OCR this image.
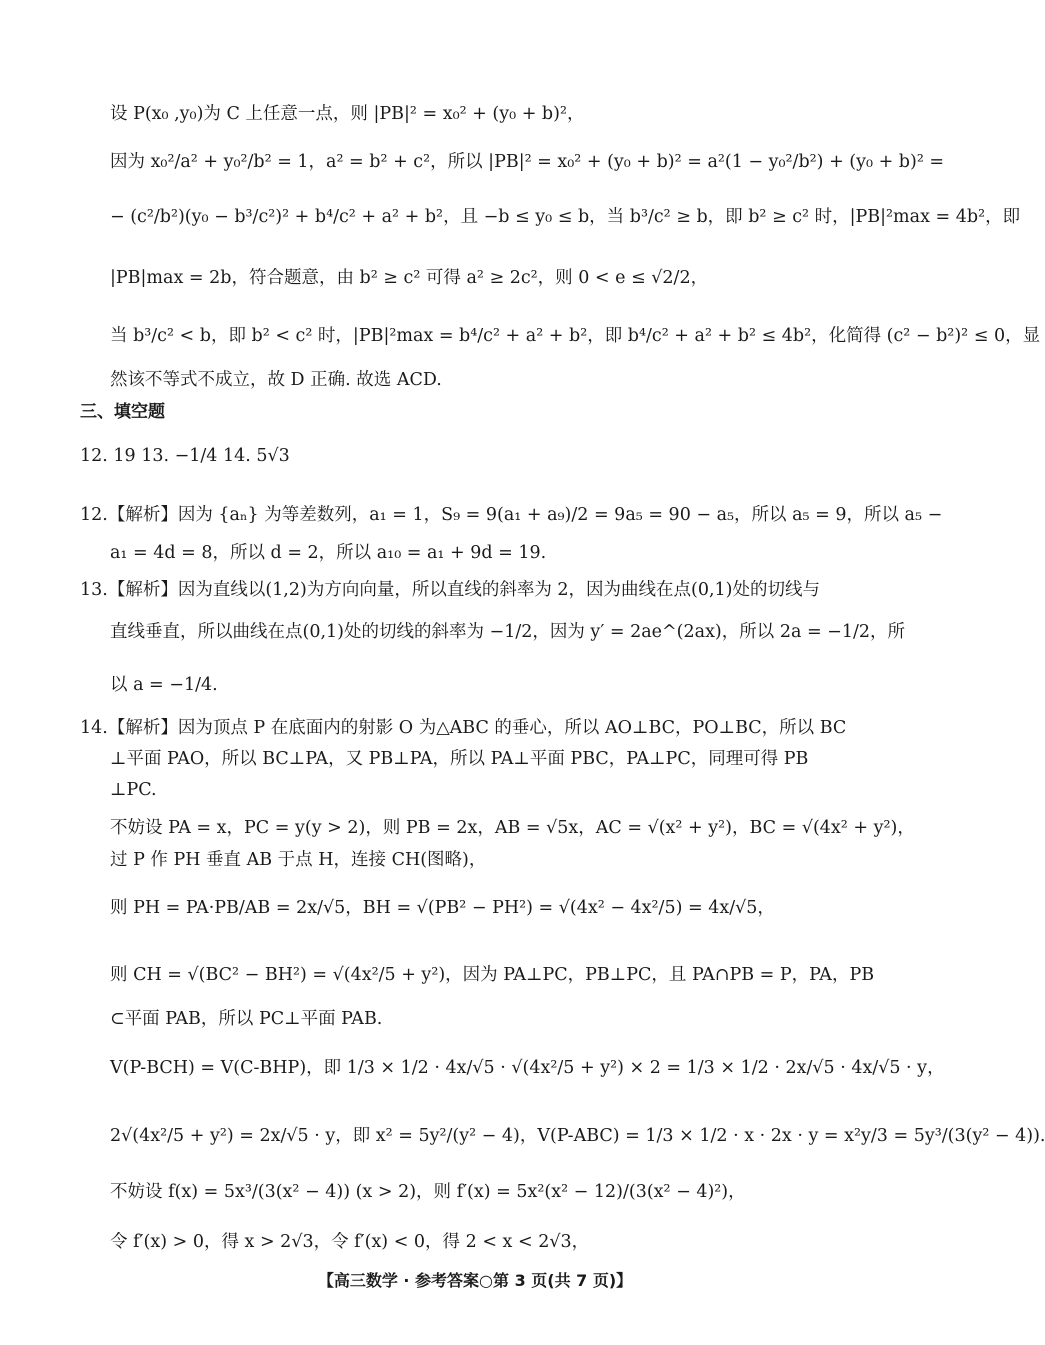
设 P(x₀ ,y₀)为 C 上任意一点，则 |PB|² = x₀² + (y₀ + b)²，
因为 x₀²/a² + y₀²/b² = 1，a² = b² + c²，所以 |PB|² = x₀² + (y₀ + b)² = a²(1 − y₀²/b²) + (y₀ + b)² =
− (c²/b²)(y₀ − b³/c²)² + b⁴/c² + a² + b²，且 −b ≤ y₀ ≤ b，当 b³/c² ≥ b，即 b² ≥ c² 时，|PB|²max = 4b²，即
|PB|max = 2b，符合题意，由 b² ≥ c² 可得 a² ≥ 2c²，则 0 < e ≤ √2/2，
当 b³/c² < b，即 b² < c² 时，|PB|²max = b⁴/c² + a² + b²，即 b⁴/c² + a² + b² ≤ 4b²，化简得 (c² − b²)² ≤ 0，显
然该不等式不成立，故 D 正确. 故选 ACD.
三、填空题
12. 19 13. −1/4 14. 5√3
12.【解析】因为 {aₙ} 为等差数列，a₁ = 1，S₉ = 9(a₁ + a₉)/2 = 9a₅ = 90 − a₅，所以 a₅ = 9，所以 a₅ −
a₁ = 4d = 8，所以 d = 2，所以 a₁₀ = a₁ + 9d = 19.
13.【解析】因为直线以(1,2)为方向向量，所以直线的斜率为 2，因为曲线在点(0,1)处的切线与
直线垂直，所以曲线在点(0,1)处的切线的斜率为 −1/2，因为 y′ = 2ae^(2ax)，所以 2a = −1/2，所
以 a = −1/4.
14.【解析】因为顶点 P 在底面内的射影 O 为△ABC 的垂心，所以 AO⊥BC，PO⊥BC，所以 BC
⊥平面 PAO，所以 BC⊥PA，又 PB⊥PA，所以 PA⊥平面 PBC，PA⊥PC，同理可得 PB
⊥PC.
不妨设 PA = x，PC = y(y > 2)，则 PB = 2x，AB = √5x，AC = √(x² + y²)，BC = √(4x² + y²)，
过 P 作 PH 垂直 AB 于点 H，连接 CH(图略)，
则 PH = PA·PB/AB = 2x/√5，BH = √(PB² − PH²) = √(4x² − 4x²/5) = 4x/√5，
则 CH = √(BC² − BH²) = √(4x²/5 + y²)，因为 PA⊥PC，PB⊥PC，且 PA∩PB = P，PA，PB
⊂平面 PAB，所以 PC⊥平面 PAB.
V(P-BCH) = V(C-BHP)，即 1/3 × 1/2 · 4x/√5 · √(4x²/5 + y²) × 2 = 1/3 × 1/2 · 2x/√5 · 4x/√5 · y，
2√(4x²/5 + y²) = 2x/√5 · y，即 x² = 5y²/(y² − 4)，V(P-ABC) = 1/3 × 1/2 · x · 2x · y = x²y/3 = 5y³/(3(y² − 4)).
不妨设 f(x) = 5x³/(3(x² − 4)) (x > 2)，则 f′(x) = 5x²(x² − 12)/(3(x² − 4)²)，
令 f′(x) > 0，得 x > 2√3，令 f′(x) < 0，得 2 < x < 2√3，
【高三数学 · 参考答案○第 3 页(共 7 页)】
